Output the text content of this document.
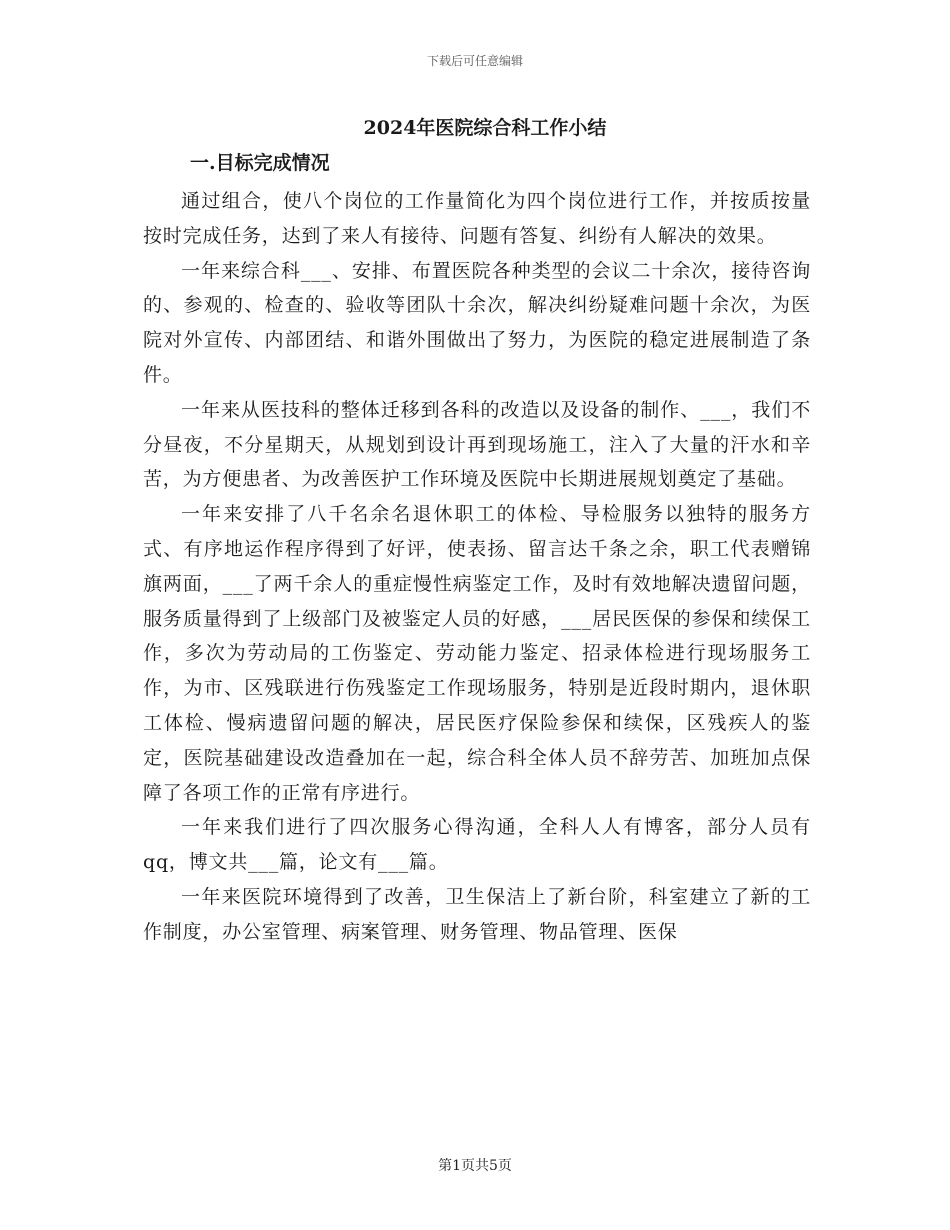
下载后可任意编辑
2024年医院综合科工作小结
一.目标完成情况

通过组合，使八个岗位的工作量简化为四个岗位进行工作，并按质按量按时完成任务，达到了来人有接待、问题有答复、纠纷有人解决的效果。

一年来综合科___、安排、布置医院各种类型的会议二十余次，接待咨询的、参观的、检查的、验收等团队十余次，解决纠纷疑难问题十余次，为医院对外宣传、内部团结、和谐外围做出了努力，为医院的稳定进展制造了条件。

一年来从医技科的整体迁移到各科的改造以及设备的制作、___，我们不分昼夜，不分星期天，从规划到设计再到现场施工，注入了大量的汗水和辛苦，为方便患者、为改善医护工作环境及医院中长期进展规划奠定了基础。

一年来安排了八千名余名退休职工的体检、导检服务以独特的服务方式、有序地运作程序得到了好评，使表扬、留言达千条之余，职工代表赠锦旗两面，___了两千余人的重症慢性病鉴定工作，及时有效地解决遗留问题，服务质量得到了上级部门及被鉴定人员的好感，___居民医保的参保和续保工作，多次为劳动局的工伤鉴定、劳动能力鉴定、招录体检进行现场服务工作，为市、区残联进行伤残鉴定工作现场服务，特别是近段时期内，退休职工体检、慢病遗留问题的解决，居民医疗保险参保和续保，区残疾人的鉴定，医院基础建设改造叠加在一起，综合科全体人员不辞劳苦、加班加点保障了各项工作的正常有序进行。

一年来我们进行了四次服务心得沟通，全科人人有博客，部分人员有qq，博文共___篇，论文有___篇。

一年来医院环境得到了改善，卫生保洁上了新台阶，科室建立了新的工作制度，办公室管理、病案管理、财务管理、物品管理、医保

第1页共5页
